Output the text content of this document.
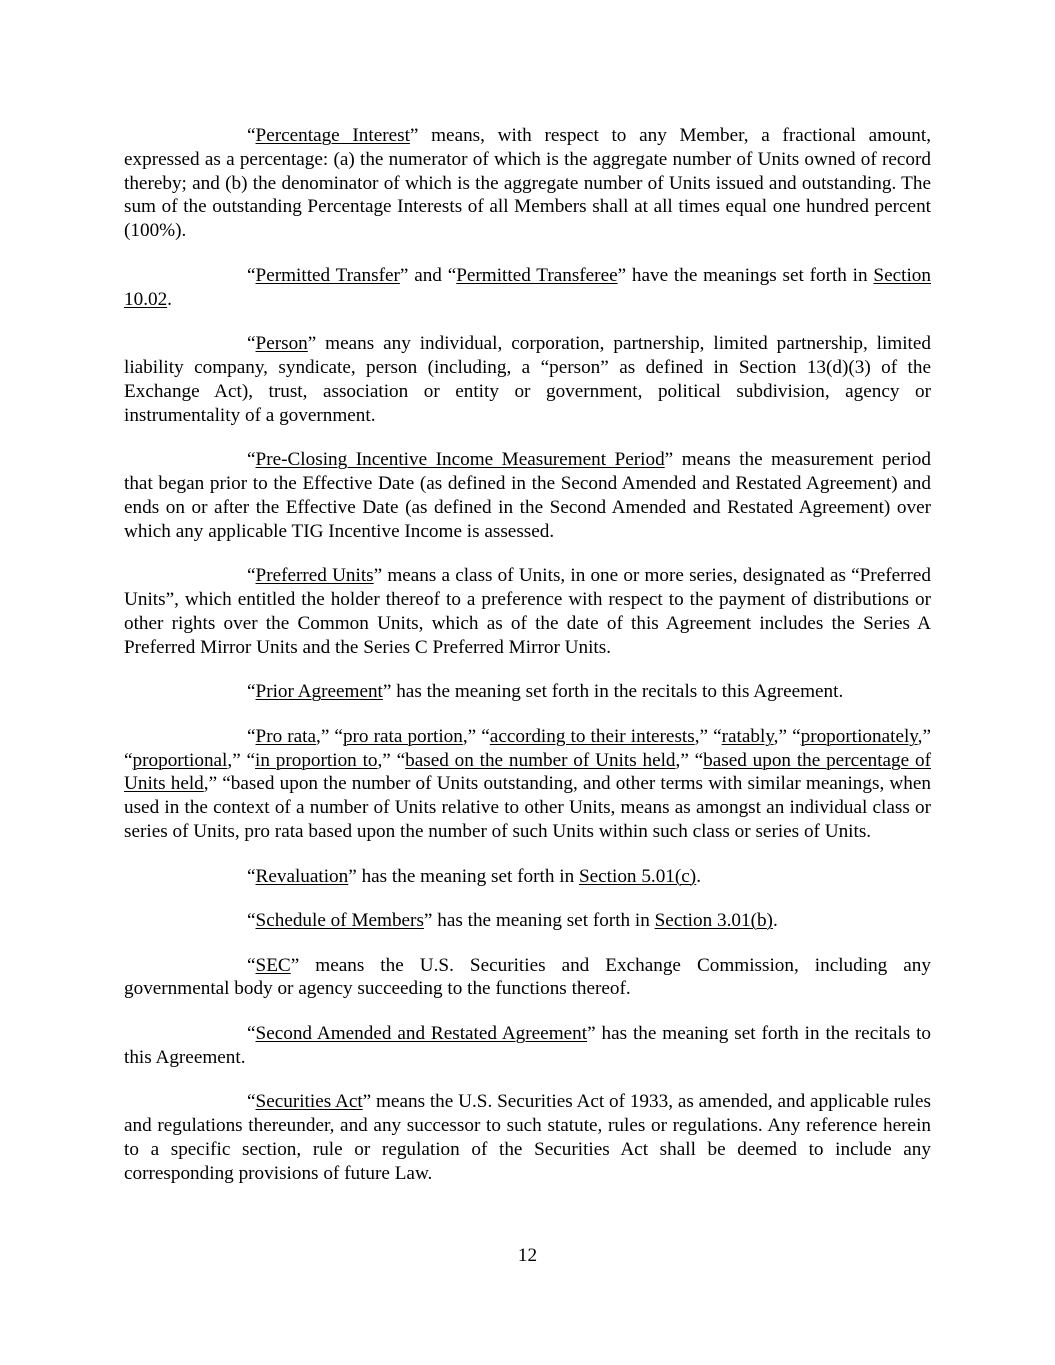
“Percentage Interest” means, with respect to any Member, a fractional amount, expressed as a percentage: (a) the numerator of which is the aggregate number of Units owned of record thereby; and (b) the denominator of which is the aggregate number of Units issued and outstanding. The sum of the outstanding Percentage Interests of all Members shall at all times equal one hundred percent (100%).

“Permitted Transfer” and “Permitted Transferee” have the meanings set forth in Section 10.02.

“Person” means any individual, corporation, partnership, limited partnership, limited liability company, syndicate, person (including, a “person” as defined in Section 13(d)(3) of the Exchange Act), trust, association or entity or government, political subdivision, agency or instrumentality of a government.

“Pre-Closing Incentive Income Measurement Period” means the measurement period that began prior to the Effective Date (as defined in the Second Amended and Restated Agreement) and ends on or after the Effective Date (as defined in the Second Amended and Restated Agreement) over which any applicable TIG Incentive Income is assessed.

“Preferred Units” means a class of Units, in one or more series, designated as “Preferred Units”, which entitled the holder thereof to a preference with respect to the payment of distributions or other rights over the Common Units, which as of the date of this Agreement includes the Series A Preferred Mirror Units and the Series C Preferred Mirror Units.

“Prior Agreement” has the meaning set forth in the recitals to this Agreement.

“Pro rata,” “pro rata portion,” “according to their interests,” “ratably,” “proportionately,” “proportional,” “in proportion to,” “based on the number of Units held,” “based upon the percentage of Units held,” “based upon the number of Units outstanding, and other terms with similar meanings, when used in the context of a number of Units relative to other Units, means as amongst an individual class or series of Units, pro rata based upon the number of such Units within such class or series of Units.

“Revaluation” has the meaning set forth in Section 5.01(c).

“Schedule of Members” has the meaning set forth in Section 3.01(b).

“SEC” means the U.S. Securities and Exchange Commission, including any governmental body or agency succeeding to the functions thereof.

“Second Amended and Restated Agreement” has the meaning set forth in the recitals to this Agreement.

“Securities Act” means the U.S. Securities Act of 1933, as amended, and applicable rules and regulations thereunder, and any successor to such statute, rules or regulations. Any reference herein to a specific section, rule or regulation of the Securities Act shall be deemed to include any corresponding provisions of future Law.

12
